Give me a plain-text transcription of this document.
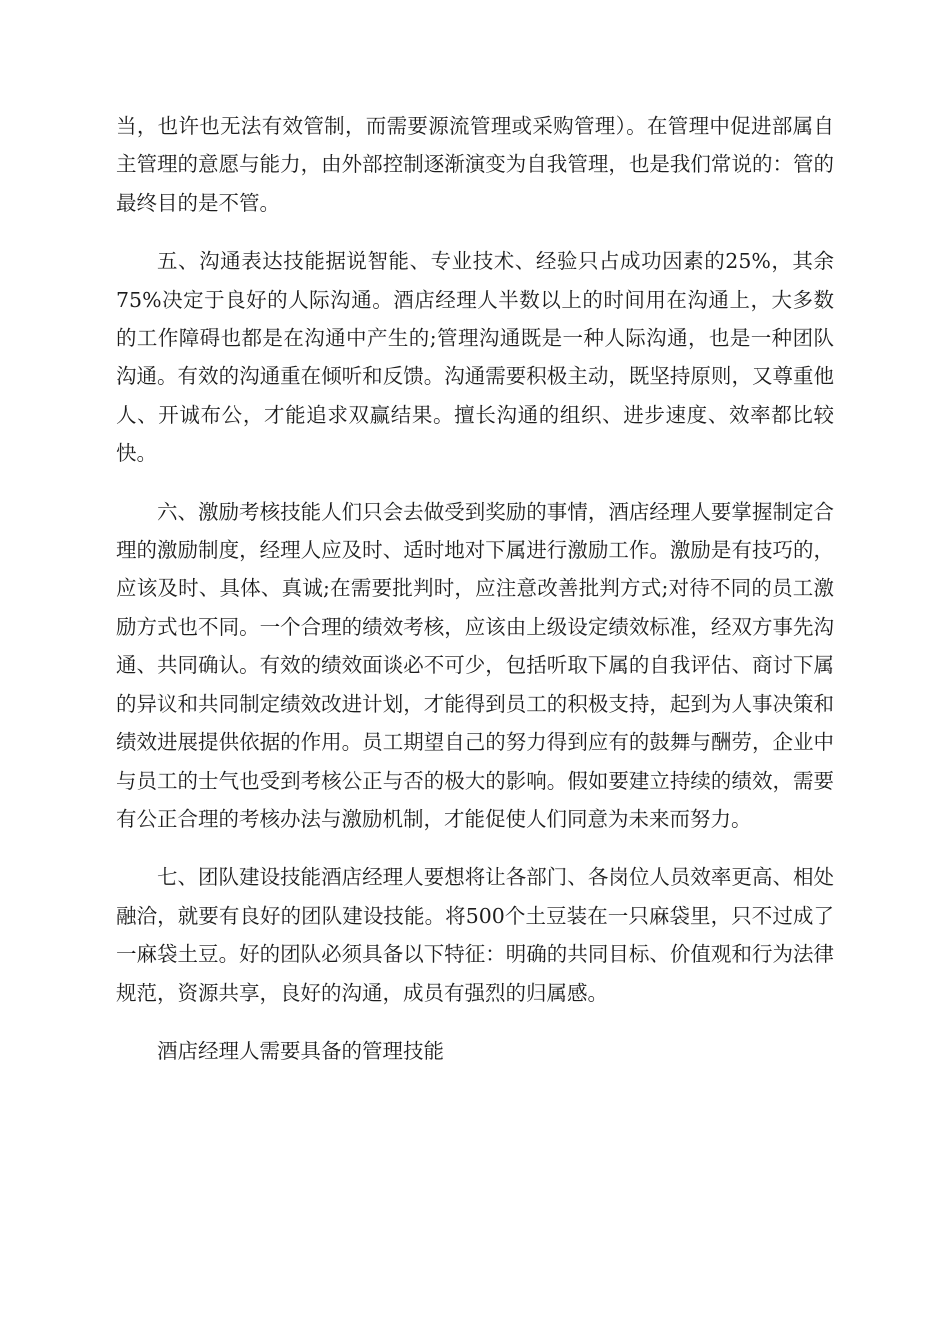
当，也许也无法有效管制，而需要源流管理或采购管理）。在管理中促进部属自主管理的意愿与能力，由外部控制逐渐演变为自我管理，也是我们常说的：管的最终目的是不管。

五、沟通表达技能据说智能、专业技术、经验只占成功因素的25%，其余75%决定于良好的人际沟通。酒店经理人半数以上的时间用在沟通上，大多数的工作障碍也都是在沟通中产生的;管理沟通既是一种人际沟通，也是一种团队沟通。有效的沟通重在倾听和反馈。沟通需要积极主动，既坚持原则，又尊重他人、开诚布公，才能追求双赢结果。擅长沟通的组织、进步速度、效率都比较快。

六、激励考核技能人们只会去做受到奖励的事情，酒店经理人要掌握制定合理的激励制度，经理人应及时、适时地对下属进行激励工作。激励是有技巧的，应该及时、具体、真诚;在需要批判时，应注意改善批判方式;对待不同的员工激励方式也不同。一个合理的绩效考核，应该由上级设定绩效标准，经双方事先沟通、共同确认。有效的绩效面谈必不可少，包括听取下属的自我评估、商讨下属的异议和共同制定绩效改进计划，才能得到员工的积极支持，起到为人事决策和绩效进展提供依据的作用。员工期望自己的努力得到应有的鼓舞与酬劳，企业中与员工的士气也受到考核公正与否的极大的影响。假如要建立持续的绩效，需要有公正合理的考核办法与激励机制，才能促使人们同意为未来而努力。

七、团队建设技能酒店经理人要想将让各部门、各岗位人员效率更高、相处融洽，就要有良好的团队建设技能。将500个土豆装在一只麻袋里，只不过成了一麻袋土豆。好的团队必须具备以下特征：明确的共同目标、价值观和行为法律规范，资源共享，良好的沟通，成员有强烈的归属感。

酒店经理人需要具备的管理技能
